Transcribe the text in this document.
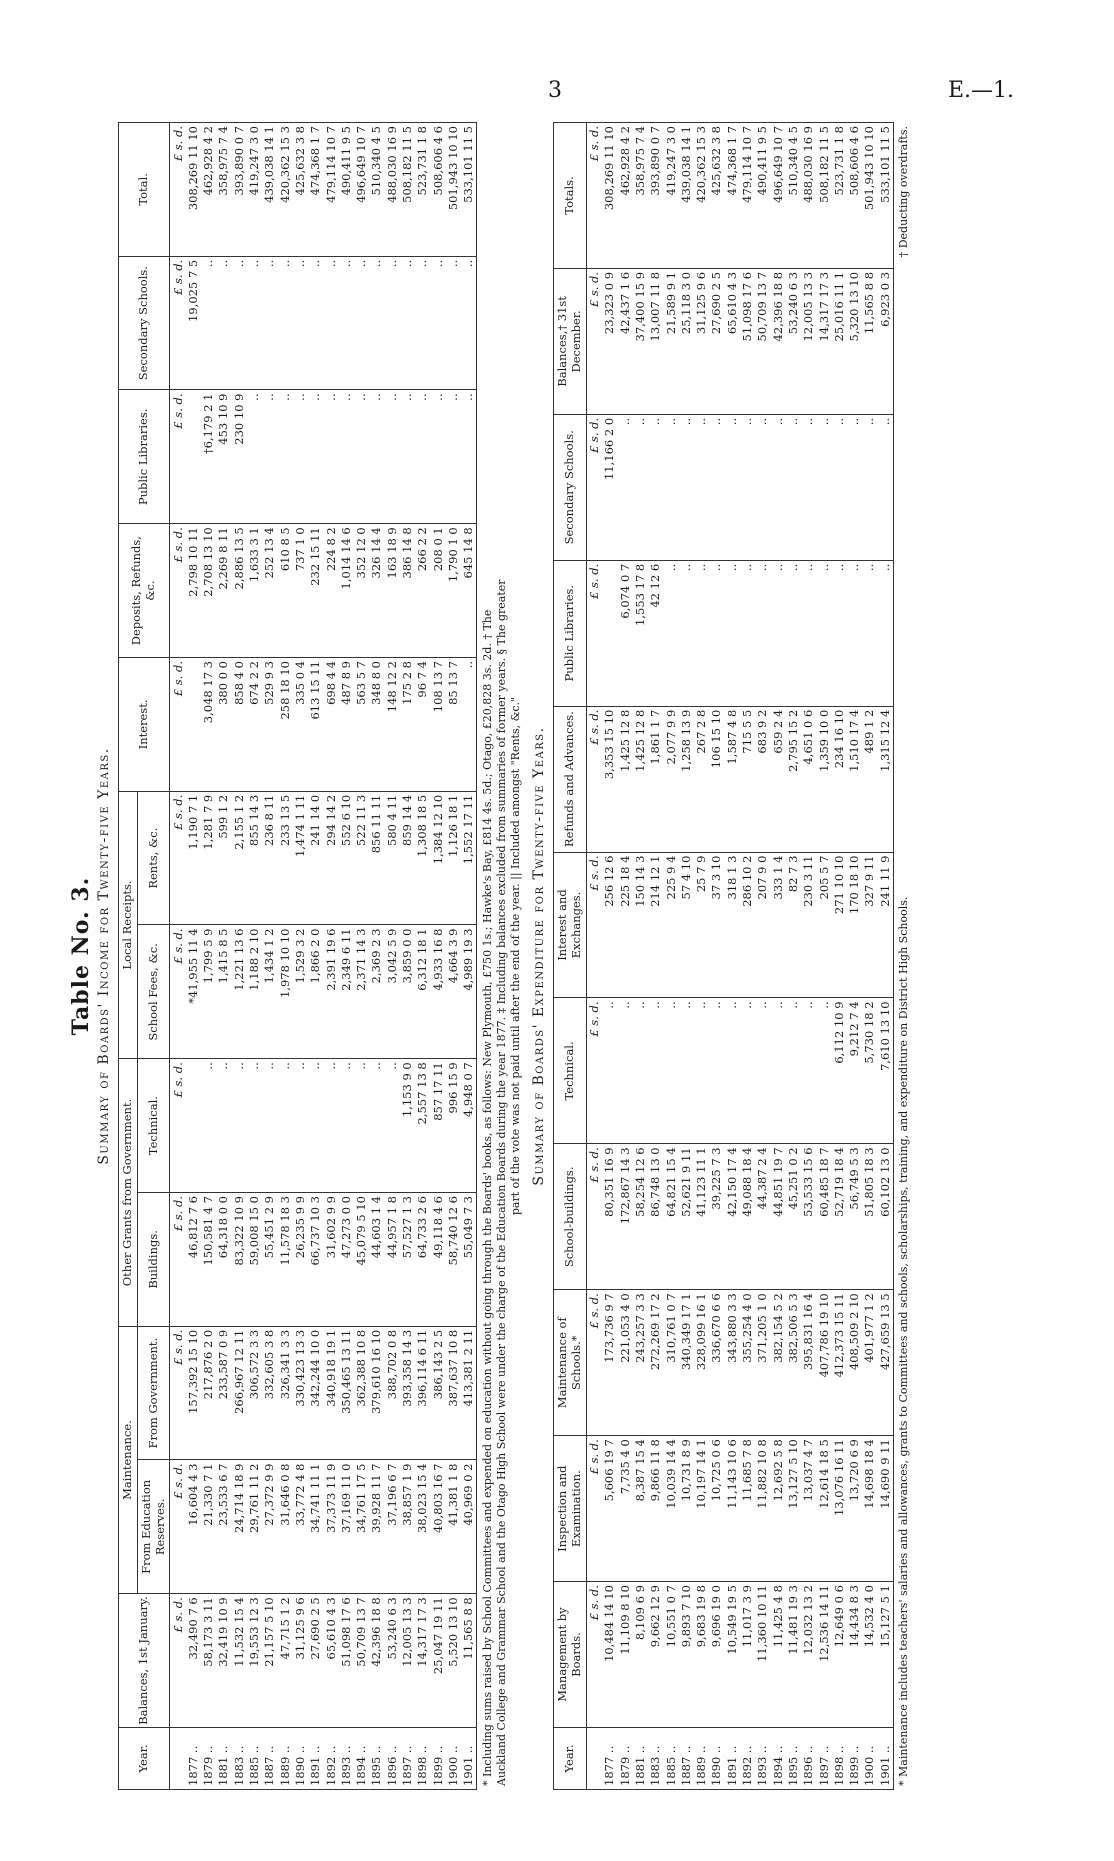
3	E.—1.
Table No. 3. Summary of Boards' Income for Twenty-five Years.
Year.	Balances, 1st January.	Maintenance.		Other Grants from Government.		Local Receipts.		Interest.	Deposits, Refunds, &c.	Public Libraries.	Secondary Schools.	Total.
		From Education Reserves.	From Government.	Buildings.	Technical.	School Fees, &c.	Rents, &c.					
	£ s. d.	£ s. d.	£ s. d.	£ s. d.	£ s. d.	£ s. d.	£ s. d.	£ s. d.	£ s. d.	£ s. d.	£ s. d.	£ s. d.
1877 ..	32,490 7 6	16,604 4 3	157,392 15 10	46,812 7 6		*41,955 11 4	1,190 7 1		2,798 10 11		19,025 7 5	308,269 11 10
1879 ..	58,173 3 11	21,330 7 1	217,876 2 0	150,581 4 7	..	1,799 5 9	1,281 7 9	3,048 17 3	2,708 13 10	†6,179 2 1	..	462,928 4 2
1881 ..	32,419 10 9	23,533 6 7	233,587 0 9	64,318 0 0	..	1,415 8 5	599 1 2	380 0 0	2,269 8 11	453 10 9	..	358,975 7 4
1883 ..	11,532 15 4	24,714 18 9	266,967 12 11	83,322 10 9	..	1,221 13 6	2,155 1 2	858 4 0	2,886 13 5	230 10 9	..	393,890 0 7
1885 ..	19,553 12 3	29,761 11 2	306,572 3 3	59,008 15 0	..	1,188 2 10	855 14 3	674 2 2	1,633 3 1	..	..	419,247 3 0
1887 ..	21,157 5 10	27,372 9 9	332,605 3 8	55,451 2 9	..	1,434 1 2	236 8 11	529 9 3	252 13 4	..	..	439,038 14 1
1889 ..	47,715 1 2	31,646 0 8	326,341 3 3	11,578 18 3	..	1,978 10 10	233 13 5	258 18 10	610 8 5	..	..	420,362 15 3
1890 ..	31,125 9 6	33,772 4 8	330,423 13 3	26,235 9 9	..	1,529 3 2	1,474 1 11	335 0 4	737 1 0	..	..	425,632 3 8
1891 ..	27,690 2 5	34,741 11 1	342,244 10 0	66,737 10 3	..	1,866 2 0	241 14 0	613 15 11	232 15 11	..	..	474,368 1 7
1892 ..	65,610 4 3	37,373 11 9	340,918 19 1	31,602 9 9	..	2,391 19 6	294 14 2	698 4 4	224 8 2	..	..	479,114 10 7
1893 ..	51,098 17 6	37,169 11 0	350,465 13 11	47,273 0 0	..	2,349 6 11	552 6 10	487 8 9	1,014 14 6	..	..	490,411 9 5
1894 ..	50,709 13 7	34,761 17 5	362,388 10 8	45,079 5 10	..	2,371 14 3	522 11 3	563 5 7	352 12 0	..	..	496,649 10 7
1895 ..	42,396 18 8	39,928 11 7	379,610 16 10	44,603 1 4	..	2,369 2 3	856 11 11	348 8 0	326 14 4	..	..	510,340 4 5
1896 ..	53,240 6 3	37,196 6 7	388,702 0 8	44,957 1 8	..	3,042 5 9	580 4 11	148 12 2	163 18 9	..	..	488,030 16 9
1897 ..	12,005 13 3	38,857 1 9	393,358 14 3	57,527 1 3	1,153 9 0	3,859 0 0	859 14 4	175 2 8	386 14 8	..	..	508,182 11 5
1898 ..	14,317 17 3	38,023 15 4	396,114 6 11	64,733 2 6	2,557 13 8	6,312 18 1	1,308 18 5	96 7 4	266 2 2	..	..	523,731 1 8
1899 ..	25,047 19 11	40,803 16 7	386,143 2 5	49,118 4 6	857 17 11	4,933 16 8	1,384 12 10	108 13 7	208 0 1	..	..	508,606 4 6
1900 ..	5,520 13 10	41,381 1 8	387,637 10 8	58,740 12 6	996 15 9	4,664 3 9	1,126 18 1	85 13 7	1,790 1 0	..	..	501,943 10 10
1901 ..	11,565 8 8	40,969 0 2	413,381 2 11	55,049 7 3	4,948 0 7	4,989 19 3	1,552 17 11	..	645 14 8	..	..	533,101 11 5
* Including sums raised by School Committees and expended on education without going through the Boards' books, as follows: New Plymouth, £750 1s.; Hawke's Bay, £814 4s. 5d.; Otago, £20,828 3s. 2d. † The Auckland College and Grammar School and the Otago High School were under the charge of the Education Boards during the year 1877. ‡ Including balances excluded from summaries of former years. § The greater part of the vote was not paid until after the end of the year. || Included amongst "Rents, &c." Summary of Boards' Expenditure for Twenty-five Years.
Year.	Management by Boards.	Inspection and Examination.	Maintenance of Schools.*	School-buildings.	Technical.	Interest and Exchanges.	Refunds and Advances.	Public Libraries.	Secondary Schools.	Balances,† 31st December.	Totals.
	£ s. d.	£ s. d.	£ s. d.	£ s. d.	£ s. d.	£ s. d.	£ s. d.	£ s. d.	£ s. d.	£ s. d.	£ s. d.
1877 ..	10,484 14 10	5,606 19 7	173,736 9 7	80,351 16 9	..	256 12 6	3,353 15 10		11,166 2 0	23,323 0 9	308,269 11 10
1879 ..	11,109 8 10	7,735 4 0	221,053 4 0	172,867 14 3	..	225 18 4	1,425 12 8	6,074 0 7	..	42,437 1 6	462,928 4 2
1881 ..	8,109 6 9	8,387 15 4	243,257 3 3	58,254 12 6	..	150 14 3	1,425 12 8	1,553 17 8	..	37,400 15 9	358,975 7 4
1883 ..	9,662 12 9	9,866 11 8	272,269 17 2	86,748 13 0	..	214 12 1	1,861 1 7	42 12 6	..	13,007 11 8	393,890 0 7
1885 ..	10,551 0 7	10,039 14 4	310,761 0 7	64,821 15 4	..	225 9 4	2,077 9 9	..	..	21,589 9 1	419,247 3 0
1887 ..	9,893 7 10	10,731 8 9	340,349 17 1	52,621 9 11	..	57 4 10	1,258 13 9	..	..	25,118 3 0	439,038 14 1
1889 ..	9,683 19 8	10,197 14 1	328,099 16 1	41,123 11 1	..	25 7 9	267 2 8	..	..	31,125 9 6	420,362 15 3
1890 ..	9,696 19 0	10,725 0 6	336,670 6 6	39,225 7 3	..	37 3 10	106 15 10	..	..	27,690 2 5	425,632 3 8
1891 ..	10,549 19 5	11,143 10 6	343,880 3 3	42,150 17 4	..	318 1 3	1,587 4 8	..	..	65,610 4 3	474,368 1 7
1892 ..	11,017 3 9	11,685 7 8	355,254 4 0	49,088 18 4	..	286 10 2	715 5 5	..	..	51,098 17 6	479,114 10 7
1893 ..	11,360 10 11	11,882 10 8	371,205 1 0	44,387 2 4	..	207 9 0	683 9 2	..	..	50,709 13 7	490,411 9 5
1894 ..	11,425 4 8	12,692 5 8	382,154 5 2	44,851 19 7	..	333 1 4	659 2 4	..	..	42,396 18 8	496,649 10 7
1895 ..	11,481 19 3	13,127 5 10	382,506 5 3	45,251 0 2	..	82 7 3	2,795 15 2	..	..	53,240 6 3	510,340 4 5
1896 ..	12,032 13 2	13,037 4 7	395,831 16 4	53,533 15 6	..	230 3 11	4,651 0 6	..	..	12,005 13 3	488,030 16 9
1897 ..	12,536 14 11	12,614 18 5	407,786 19 10	60,485 18 7	..	205 5 7	1,359 10 0	..	..	14,317 17 3	508,182 11 5
1898 ..	12,649 0 6	13,076 16 11	412,373 15 11	52,719 18 4	6,112 10 9	271 10 10	234 16 10	..	..	25,016 11 1	523,731 1 8
1899 ..	14,434 8 3	13,720 6 9	408,509 2 10	56,749 5 3	9,212 7 4	170 18 10	1,510 17 4	..	..	5,320 13 10	508,606 4 6
1900 ..	14,532 4 0	14,698 18 4	401,977 1 2	51,805 18 3	5,730 18 2	327 9 11	489 1 2	..	..	11,565 8 8	501,943 10 10
1901 ..	15,127 5 1	14,690 9 11	427,659 13 5	60,102 13 0	7,610 13 10	241 11 9	1,315 12 4	..	..	6,923 0 3	533,101 11 5
* Maintenance includes teachers' salaries and allowances, grants to Committees and schools, scholarships, training, and expenditure on District High Schools.
† Deducting overdrafts.
